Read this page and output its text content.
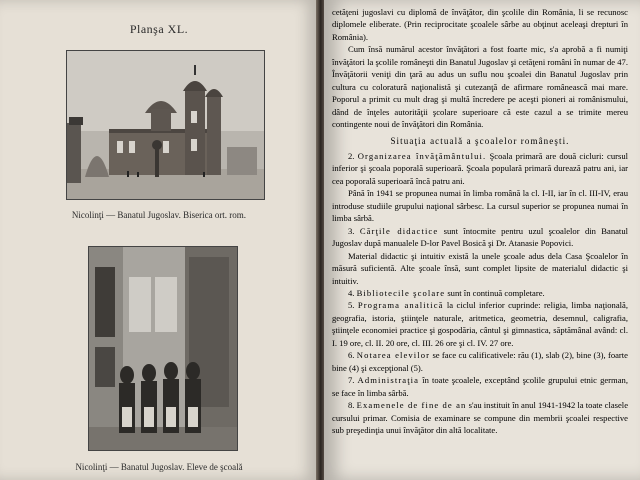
Planşa XL.
Nicolinţi — Banatul Jugoslav. Biserica ort. rom.
Nicolinţi — Banatul Jugoslav. Eleve de şcoală

cetăţeni jugoslavi cu diplomă de învăţător, din şcolile din România, li se recunosc diplomele eliberate. (Prin reciprocitate şcoalele sârbe au obţinut aceleaşi drepturi în România).

Cum însă numărul acestor învăţători a fost foarte mic, s'a aprobă a fi numiţi învăţători la şcolile româneşti din Banatul Jugoslav şi cetăţeni români în numar de 47. Învăţătorii veniţi din ţară au adus un suflu nou şcoalei din Banatul Jugoslav prin cultura cu coloratură naţionalistă şi cutezanţă de afirmare românească mai mare. Poporul a primit cu mult drag şi multă încredere pe aceşti pioneri ai românismului, dând de înţeles autorităţii şcolare superioare că este cazul a se trimite mereu contingente noui de învăţători din România.

Situaţia actuală a şcoalelor româneşti.

2. Organizarea învăţământului. Şcoala primară are două cicluri: cursul inferior şi şcoala poporală superioară. Şcoala populară primară durează patru ani, iar cea poporală superioară încă patru ani.

Până în 1941 se propunea numai în limba română la cl. I-II, iar în cl. III-IV, erau introduse studiile grupului naţional sârbesc. La cursul superior se propunea numai în limba sârbă.

3. Cărţile didactice sunt întocmite pentru uzul şcoalelor din Banatul Jugoslav după manualele D-lor Pavel Bosică şi Dr. Atanasie Popovici.

Material didactic şi intuitiv există la unele şcoale adus dela Casa Şcoalelor în măsură suficientă. Alte şcoale însă, sunt complet lipsite de materialul didactic şi intuitiv.

4. Bibliotecile şcolare sunt în continuă completare.

5. Programa analitică la ciclul inferior cuprinde: religia, limba naţională, geografia, istoria, ştiinţele naturale, aritmetica, geometria, desemnul, caligrafia, ştiinţele economiei practice şi gospodăria, cântul şi gimnastica, săptămânal având: cl. I. 19 ore, cl. II. 20 ore, cl. III. 26 ore şi cl. IV. 27 ore.

6. Notarea elevilor se face cu calificativele: rău (1), slab (2), bine (3), foarte bine (4) şi excepţional (5).

7. Administraţia în toate şcoalele, exceptând şcolile grupului etnic german, se face în limba sârbă.

8. Examenele de fine de an s'au instituit în anul 1941-1942 la toate clasele cursului primar. Comisia de examinare se compune din membrii şcoalei respective sub preşedinţia unui învăţător din altă localitate.
